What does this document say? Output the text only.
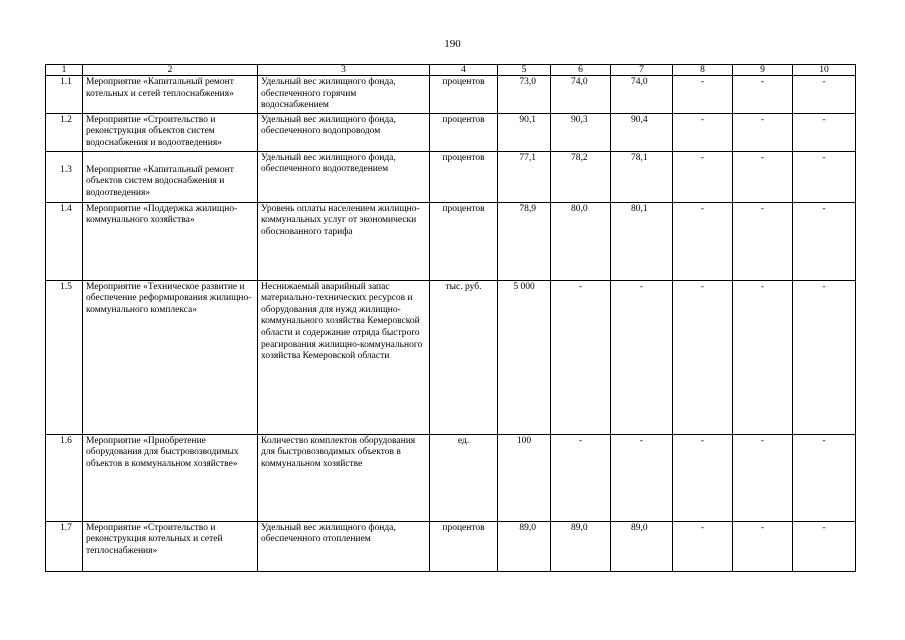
190
1	2	3	4	5	6	7	8	9	10
1.1	Мероприятие «Капитальный ремонт котельных и сетей теплоснабжения»	Удельный вес жилищного фонда, обеспеченного горячим водоснабжением	процентов	73,0	74,0	74,0	-	-	-
1.2	Мероприятие «Строительство и реконструкция объектов систем водоснабжения и водоотведения»	Удельный вес жилищного фонда, обеспеченного водопроводом	процентов	90,1	90,3	90,4	-	-	-
1.3	Мероприятие «Капитальный ремонт объектов систем водоснабжения и водоотведения»	Удельный вес жилищного фонда, обеспеченного водоотведением	процентов	77,1	78,2	78,1	-	-	-

1.4	Мероприятие «Поддержка жилищно-коммунального хозяйства»	Уровень оплаты населением жилищно-коммунальных услуг от экономически обоснованного тарифа	процентов	78,9	80,0	80,1	-	-	-
1.5	Мероприятие «Техническое развитие и обеспечение реформирования жилищно-коммунального комплекса»	Неснижаемый аварийный запас материально-технических ресурсов и оборудования для нужд жилищно-коммунального хозяйства Кемеровской области и содержание отряда быстрого реагирования жилищно-коммунального хозяйства Кемеровской области	тыс. руб.	5 000	-	-	-	-	-
1.6	Мероприятие «Приобретение оборудования для быстровозводимых объектов в коммунальном хозяйстве»	Количество комплектов оборудования для быстровозводимых объектов в коммунальном хозяйстве	ед.	100	-	-	-	-	-
1.7	Мероприятие «Строительство и реконструкция котельных и сетей теплоснабжения»	Удельный вес жилищного фонда, обеспеченного отоплением	процентов	89,0	89,0	89,0	-	-	-
